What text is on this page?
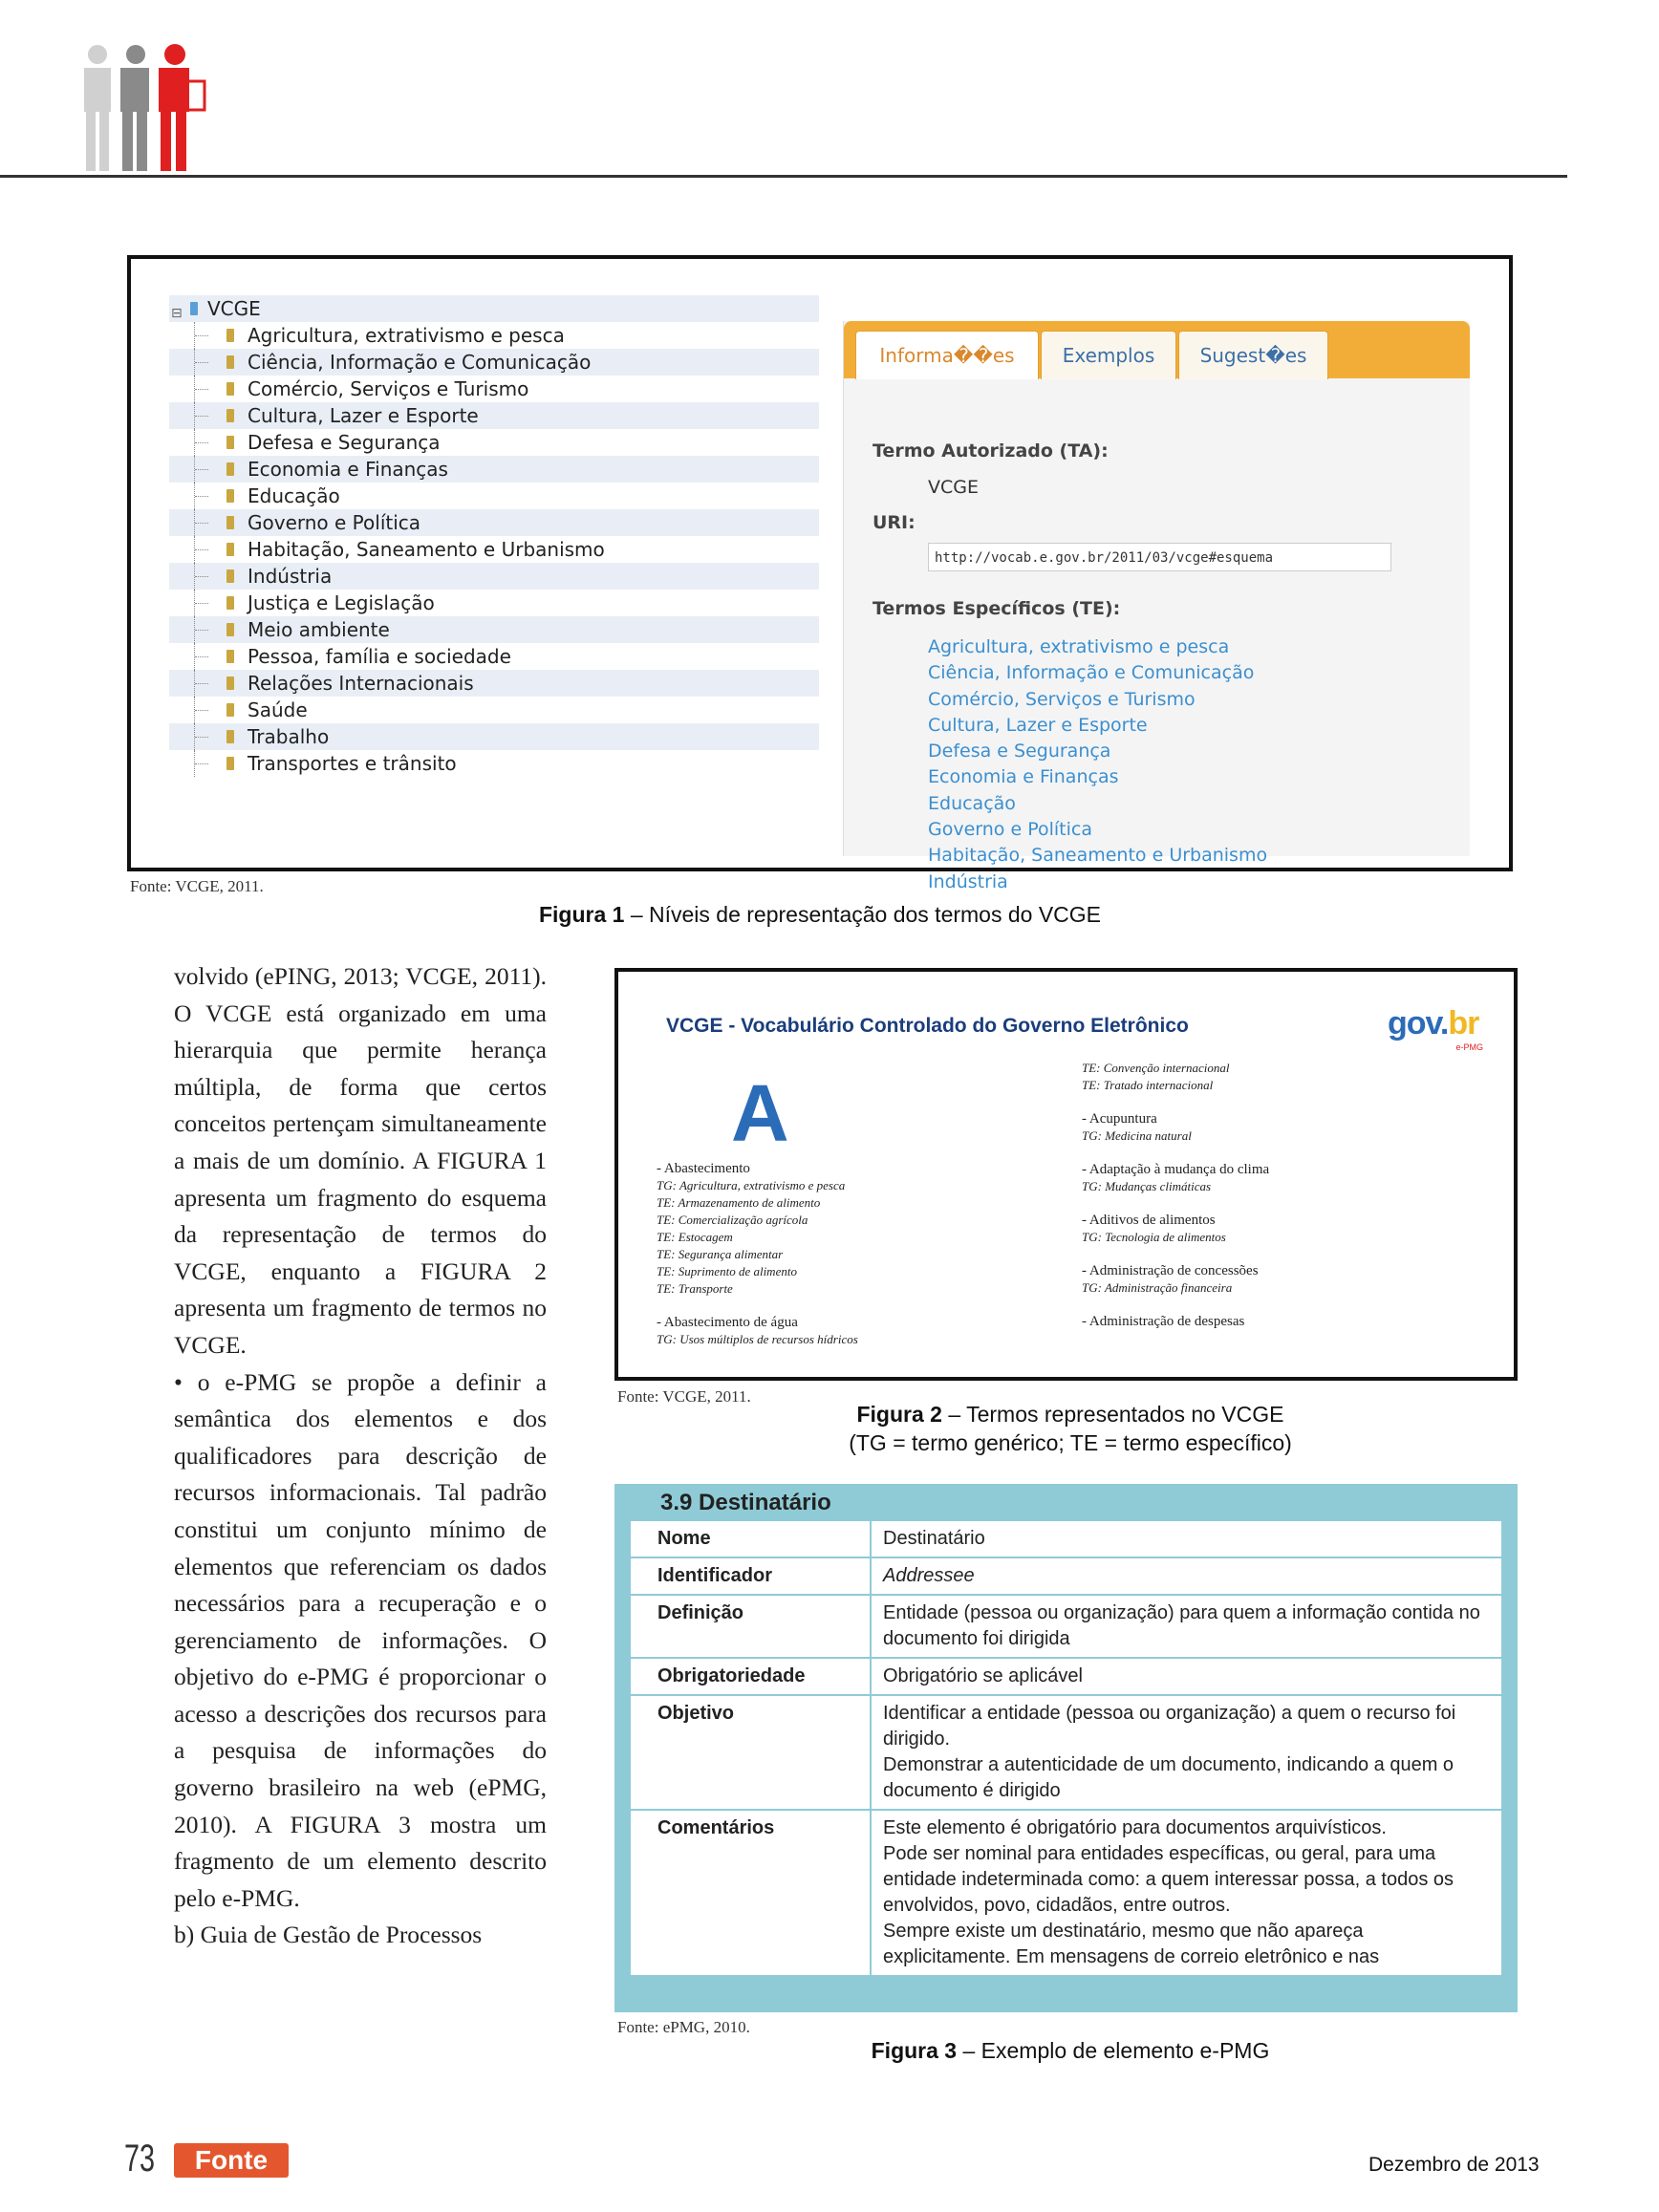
⊟ VCGE
Agricultura, extrativismo e pesca
Ciência, Informação e Comunicação
Comércio, Serviços e Turismo
Cultura, Lazer e Esporte
Defesa e Segurança
Economia e Finanças
Educação
Governo e Política
Habitação, Saneamento e Urbanismo
Indústria
Justiça e Legislação
Meio ambiente
Pessoa, família e sociedade
Relações Internacionais
Saúde
Trabalho
Transportes e trânsito
Informa��es	Exemplos	Sugest�es
Termo Autorizado (TA):
VCGE
URI:
http://vocab.e.gov.br/2011/03/vcge#esquema
Termos Específicos (TE):
Agricultura, extrativismo e pesca
Ciência, Informação e Comunicação
Comércio, Serviços e Turismo
Cultura, Lazer e Esporte
Defesa e Segurança
Economia e Finanças
Educação
Governo e Política
Habitação, Saneamento e Urbanismo
Indústria
Fonte: VCGE, 2011.
Figura 1 – Níveis de representação dos termos do VCGE

volvido (ePING, 2013; VCGE, 2011). O VCGE está organizado em uma hierarquia que permite herança múltipla, de forma que certos conceitos pertençam simultaneamente a mais de um domínio. A FIGURA 1 apresenta um fragmento do esquema da representação de termos do VCGE, enquanto a FIGURA 2 apresenta um fragmento de termos no VCGE.

• o e-PMG se propõe a definir a semântica dos elementos e dos qualificadores para descrição de recursos informacionais. Tal padrão constitui um conjunto mínimo de elementos que referenciam os dados necessários para a recuperação e o gerenciamento de informações. O objetivo do e-PMG é proporcionar o acesso a descrições dos recursos para a pesquisa de informações do governo brasileiro na web (ePMG, 2010). A FIGURA 3 mostra um fragmento de um elemento descrito pelo e-PMG.

b) Guia de Gestão de Processos

VCGE - Vocabulário Controlado do Governo Eletrônico
A
gov.br
e-PMG
- Abastecimento
TG: Agricultura, extrativismo e pesca
TE: Armazenamento de alimento
TE: Comercialização agrícola
TE: Estocagem
TE: Segurança alimentar
TE: Suprimento de alimento
TE: Transporte
- Abastecimento de água
TG: Usos múltiplos de recursos hídricos
TE: Convenção internacional
TE: Tratado internacional
- Acupuntura
TG: Medicina natural
- Adaptação à mudança do clima
TG: Mudanças climáticas
- Aditivos de alimentos
TG: Tecnologia de alimentos
- Administração de concessões
TG: Administração financeira
- Administração de despesas
Fonte: VCGE, 2011.
Figura 2 – Termos representados no VCGE
(TG = termo genérico; TE = termo específico)
3.9 Destinatário
Nome	Destinatário
Identificador	Addressee
Definição	Entidade (pessoa ou organização) para quem a informação contida no documento foi dirigida
Obrigatoriedade	Obrigatório se aplicável
Objetivo	Identificar a entidade (pessoa ou organização) a quem o recurso foi dirigido.
Demonstrar a autenticidade de um documento, indicando a quem o documento é dirigido
Comentários	Este elemento é obrigatório para documentos arquivísticos.
Pode ser nominal para entidades específicas, ou geral, para uma entidade indeterminada como: a quem interessar possa, a todos os envolvidos, povo, cidadãos, entre outros.
Sempre existe um destinatário, mesmo que não apareça explicitamente. Em mensagens de correio eletrônico e nas
Fonte: ePMG, 2010.
Figura 3 – Exemplo de elemento e-PMG
73	Fonte	Dezembro de 2013
